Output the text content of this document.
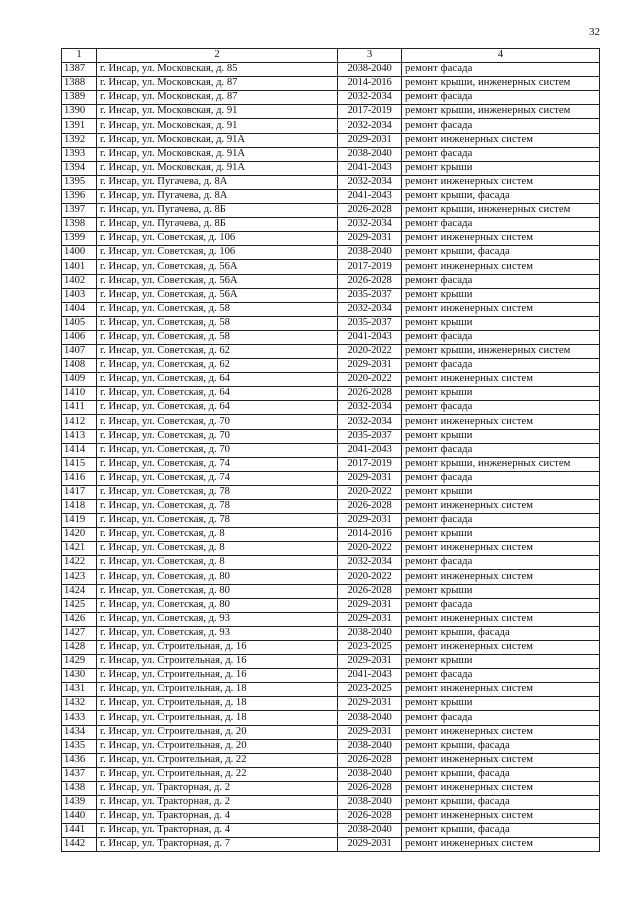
32
1	2	3	4
1387	г. Инсар, ул. Московская, д. 85	2038-2040	ремонт фасада
1388	г. Инсар, ул. Московская, д. 87	2014-2016	ремонт крыши, инженерных систем
1389	г. Инсар, ул. Московская, д. 87	2032-2034	ремонт фасада
1390	г. Инсар, ул. Московская, д. 91	2017-2019	ремонт крыши, инженерных систем
1391	г. Инсар, ул. Московская, д. 91	2032-2034	ремонт фасада
1392	г. Инсар, ул. Московская, д. 91А	2029-2031	ремонт инженерных систем
1393	г. Инсар, ул. Московская, д. 91А	2038-2040	ремонт фасада
1394	г. Инсар, ул. Московская, д. 91А	2041-2043	ремонт крыши
1395	г. Инсар, ул. Пугачева, д. 8А	2032-2034	ремонт инженерных систем
1396	г. Инсар, ул. Пугачева, д. 8А	2041-2043	ремонт крыши, фасада
1397	г. Инсар, ул. Пугачева, д. 8Б	2026-2028	ремонт крыши, инженерных систем
1398	г. Инсар, ул. Пугачева, д. 8Б	2032-2034	ремонт фасада
1399	г. Инсар, ул. Советская, д. 106	2029-2031	ремонт инженерных систем
1400	г. Инсар, ул. Советская, д. 106	2038-2040	ремонт крыши, фасада
1401	г. Инсар, ул. Советская, д. 56А	2017-2019	ремонт инженерных систем
1402	г. Инсар, ул. Советская, д. 56А	2026-2028	ремонт фасада
1403	г. Инсар, ул. Советская, д. 56А	2035-2037	ремонт крыши
1404	г. Инсар, ул. Советская, д. 58	2032-2034	ремонт инженерных систем
1405	г. Инсар, ул. Советская, д. 58	2035-2037	ремонт крыши
1406	г. Инсар, ул. Советская, д. 58	2041-2043	ремонт фасада
1407	г. Инсар, ул. Советская, д. 62	2020-2022	ремонт крыши, инженерных систем
1408	г. Инсар, ул. Советская, д. 62	2029-2031	ремонт фасада
1409	г. Инсар, ул. Советская, д. 64	2020-2022	ремонт инженерных систем
1410	г. Инсар, ул. Советская, д. 64	2026-2028	ремонт крыши
1411	г. Инсар, ул. Советская, д. 64	2032-2034	ремонт фасада
1412	г. Инсар, ул. Советская, д. 70	2032-2034	ремонт инженерных систем
1413	г. Инсар, ул. Советская, д. 70	2035-2037	ремонт крыши
1414	г. Инсар, ул. Советская, д. 70	2041-2043	ремонт фасада
1415	г. Инсар, ул. Советская, д. 74	2017-2019	ремонт крыши, инженерных систем
1416	г. Инсар, ул. Советская, д. 74	2029-2031	ремонт фасада
1417	г. Инсар, ул. Советская, д. 78	2020-2022	ремонт крыши
1418	г. Инсар, ул. Советская, д. 78	2026-2028	ремонт инженерных систем
1419	г. Инсар, ул. Советская, д. 78	2029-2031	ремонт фасада
1420	г. Инсар, ул. Советская, д. 8	2014-2016	ремонт крыши
1421	г. Инсар, ул. Советская, д. 8	2020-2022	ремонт инженерных систем
1422	г. Инсар, ул. Советская, д. 8	2032-2034	ремонт фасада
1423	г. Инсар, ул. Советская, д. 80	2020-2022	ремонт инженерных систем
1424	г. Инсар, ул. Советская, д. 80	2026-2028	ремонт крыши
1425	г. Инсар, ул. Советская, д. 80	2029-2031	ремонт фасада
1426	г. Инсар, ул. Советская, д. 93	2029-2031	ремонт инженерных систем
1427	г. Инсар, ул. Советская, д. 93	2038-2040	ремонт крыши, фасада
1428	г. Инсар, ул. Строительная, д. 16	2023-2025	ремонт инженерных систем
1429	г. Инсар, ул. Строительная, д. 16	2029-2031	ремонт крыши
1430	г. Инсар, ул. Строительная, д. 16	2041-2043	ремонт фасада
1431	г. Инсар, ул. Строительная, д. 18	2023-2025	ремонт инженерных систем
1432	г. Инсар, ул. Строительная, д. 18	2029-2031	ремонт крыши
1433	г. Инсар, ул. Строительная, д. 18	2038-2040	ремонт фасада
1434	г. Инсар, ул. Строительная, д. 20	2029-2031	ремонт инженерных систем
1435	г. Инсар, ул. Строительная, д. 20	2038-2040	ремонт крыши, фасада
1436	г. Инсар, ул. Строительная, д. 22	2026-2028	ремонт инженерных систем
1437	г. Инсар, ул. Строительная, д. 22	2038-2040	ремонт крыши, фасада
1438	г. Инсар, ул. Тракторная, д. 2	2026-2028	ремонт инженерных систем
1439	г. Инсар, ул. Тракторная, д. 2	2038-2040	ремонт крыши, фасада
1440	г. Инсар, ул. Тракторная, д. 4	2026-2028	ремонт инженерных систем
1441	г. Инсар, ул. Тракторная, д. 4	2038-2040	ремонт крыши, фасада
1442	г. Инсар, ул. Тракторная, д. 7	2029-2031	ремонт инженерных систем
